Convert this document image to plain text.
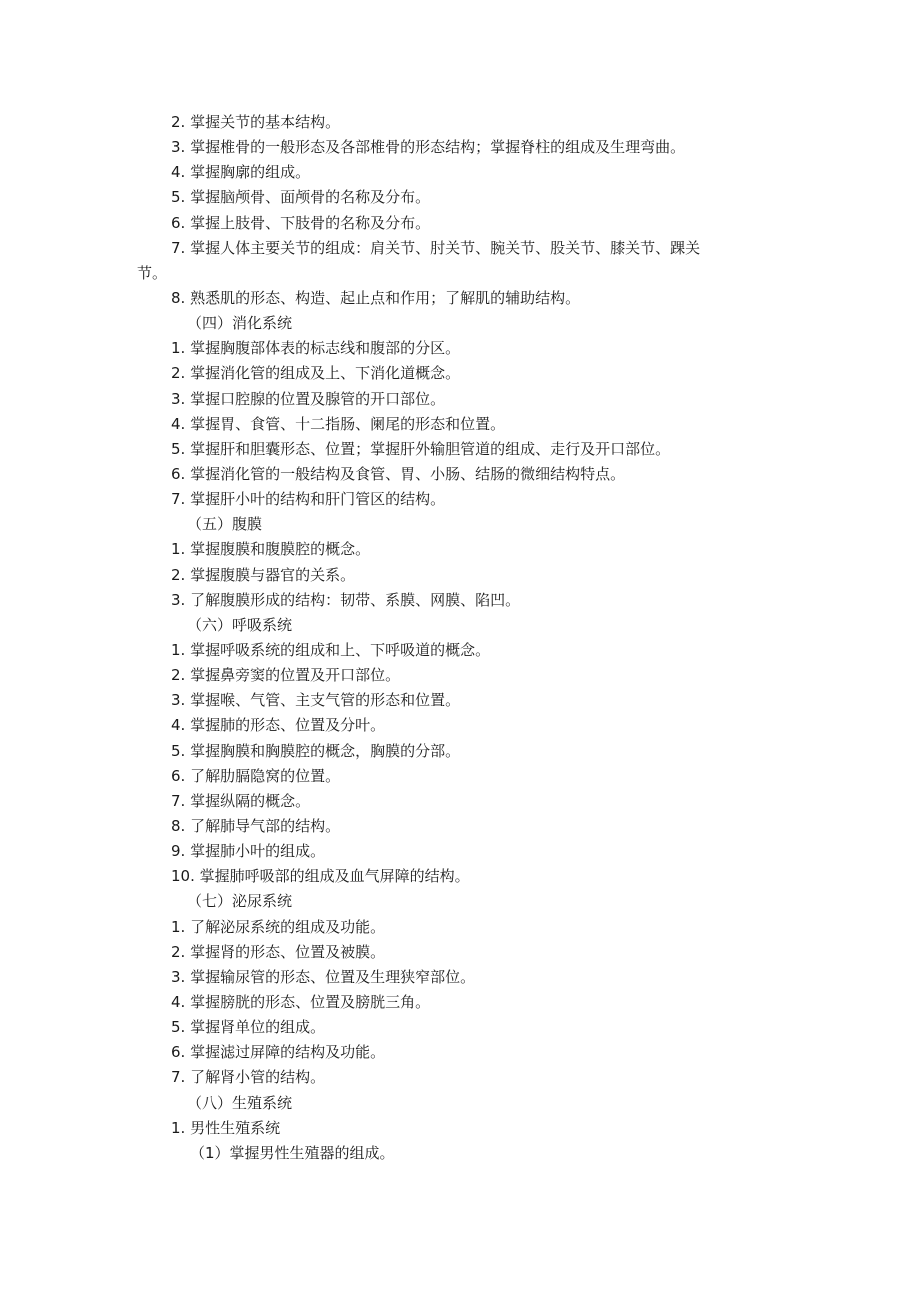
2. 掌握关节的基本结构。
3. 掌握椎骨的一般形态及各部椎骨的形态结构；掌握脊柱的组成及生理弯曲。
4. 掌握胸廓的组成。
5. 掌握脑颅骨、面颅骨的名称及分布。
6. 掌握上肢骨、下肢骨的名称及分布。
7. 掌握人体主要关节的组成：肩关节、肘关节、腕关节、股关节、膝关节、踝关
节。
8. 熟悉肌的形态、构造、起止点和作用；了解肌的辅助结构。
（四）消化系统
1. 掌握胸腹部体表的标志线和腹部的分区。
2. 掌握消化管的组成及上、下消化道概念。
3. 掌握口腔腺的位置及腺管的开口部位。
4. 掌握胃、食管、十二指肠、阑尾的形态和位置。
5. 掌握肝和胆囊形态、位置；掌握肝外输胆管道的组成、走行及开口部位。
6. 掌握消化管的一般结构及食管、胃、小肠、结肠的微细结构特点。
7. 掌握肝小叶的结构和肝门管区的结构。
（五）腹膜
1. 掌握腹膜和腹膜腔的概念。
2. 掌握腹膜与器官的关系。
3. 了解腹膜形成的结构：韧带、系膜、网膜、陷凹。
（六）呼吸系统
1. 掌握呼吸系统的组成和上、下呼吸道的概念。
2. 掌握鼻旁窦的位置及开口部位。
3. 掌握喉、气管、主支气管的形态和位置。
4. 掌握肺的形态、位置及分叶。
5. 掌握胸膜和胸膜腔的概念，胸膜的分部。
6. 了解肋膈隐窝的位置。
7. 掌握纵隔的概念。
8. 了解肺导气部的结构。
9. 掌握肺小叶的组成。
10. 掌握肺呼吸部的组成及血气屏障的结构。
（七）泌尿系统
1. 了解泌尿系统的组成及功能。
2. 掌握肾的形态、位置及被膜。
3. 掌握输尿管的形态、位置及生理狭窄部位。
4. 掌握膀胱的形态、位置及膀胱三角。
5. 掌握肾单位的组成。
6. 掌握滤过屏障的结构及功能。
7. 了解肾小管的结构。
（八）生殖系统
1. 男性生殖系统
（1）掌握男性生殖器的组成。
